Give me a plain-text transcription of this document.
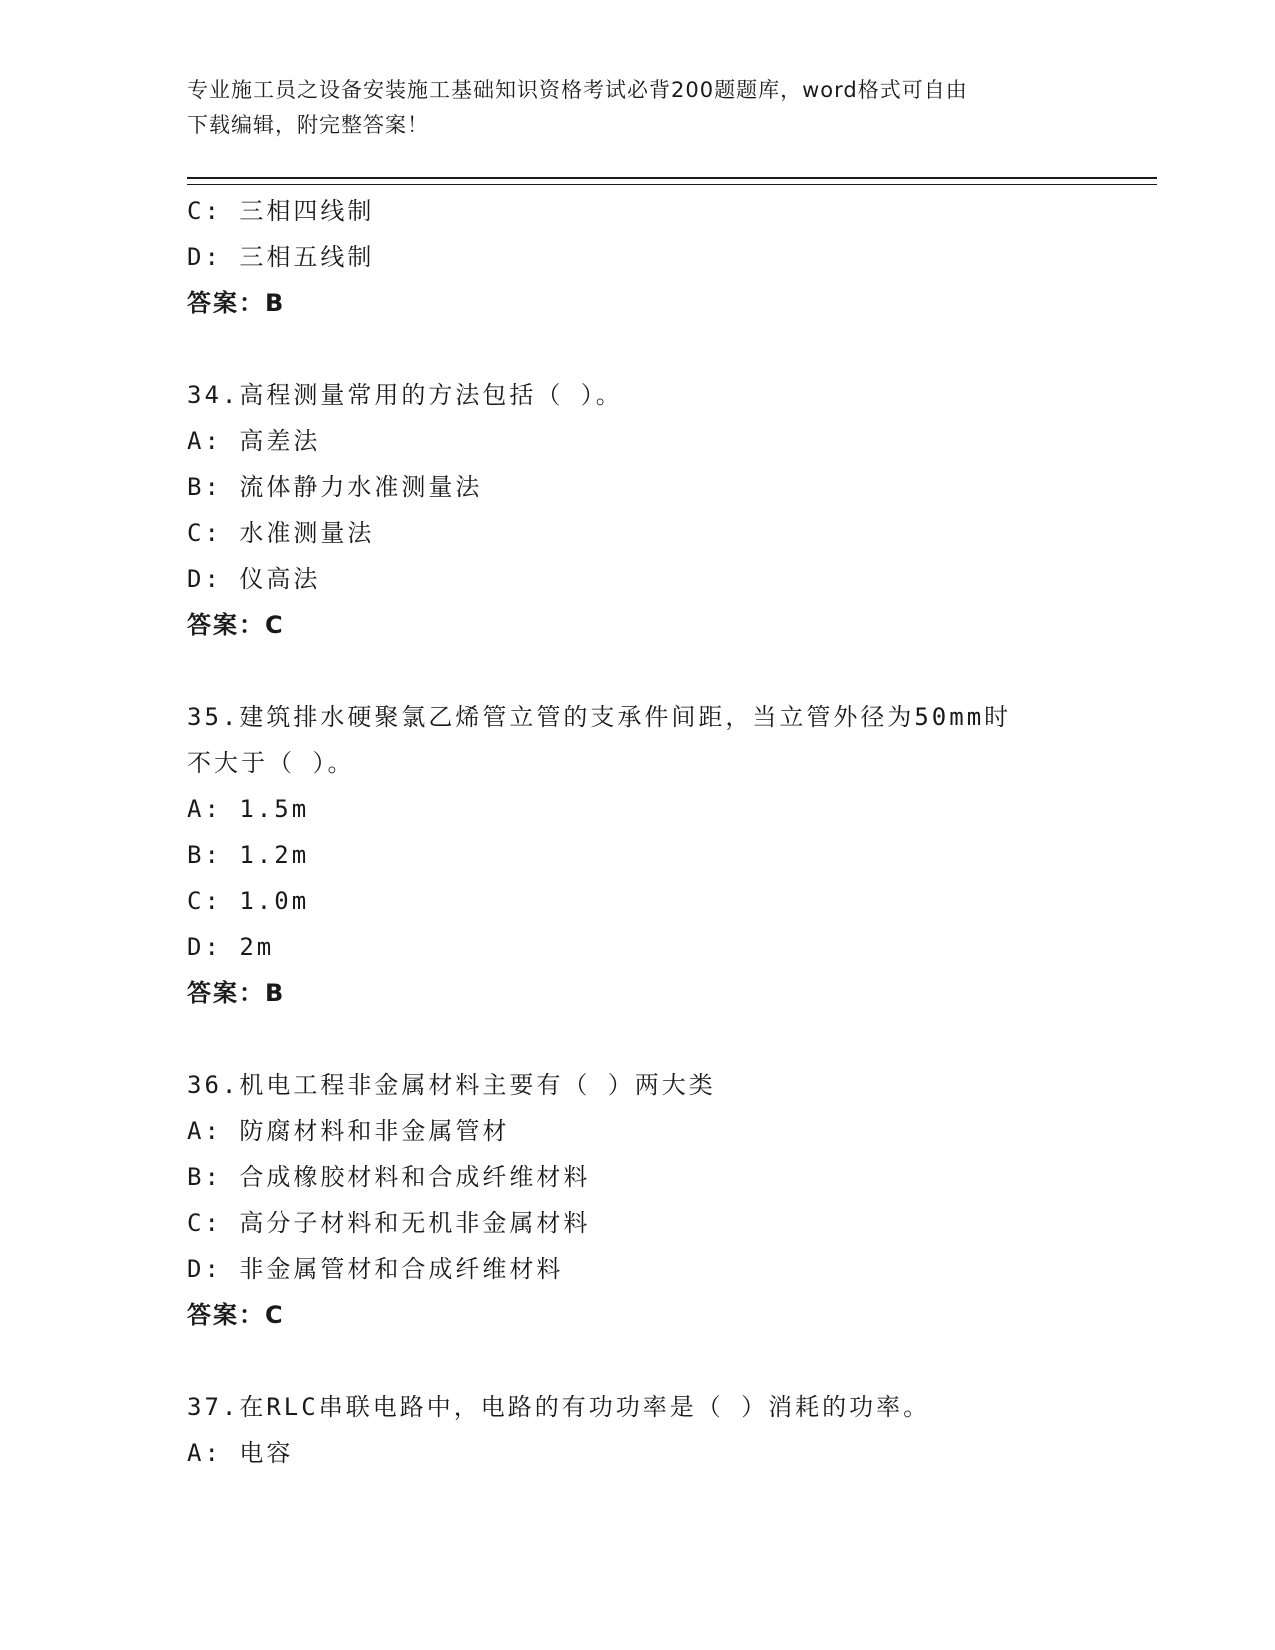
专业施工员之设备安装施工基础知识资格考试必背200题题库，word格式可自由
下载编辑，附完整答案！
C: 三相四线制
D: 三相五线制
答案：B
34.高程测量常用的方法包括（ ）。
A: 高差法
B: 流体静力水准测量法
C: 水准测量法
D: 仪高法
答案：C
35.建筑排水硬聚氯乙烯管立管的支承件间距，当立管外径为50mm时
不大于（ ）。
A: 1.5m
B: 1.2m
C: 1.0m
D: 2m
答案：B
36.机电工程非金属材料主要有（ ）两大类
A: 防腐材料和非金属管材
B: 合成橡胶材料和合成纤维材料
C: 高分子材料和无机非金属材料
D: 非金属管材和合成纤维材料
答案：C
37.在RLC串联电路中，电路的有功功率是（ ）消耗的功率。
A: 电容
